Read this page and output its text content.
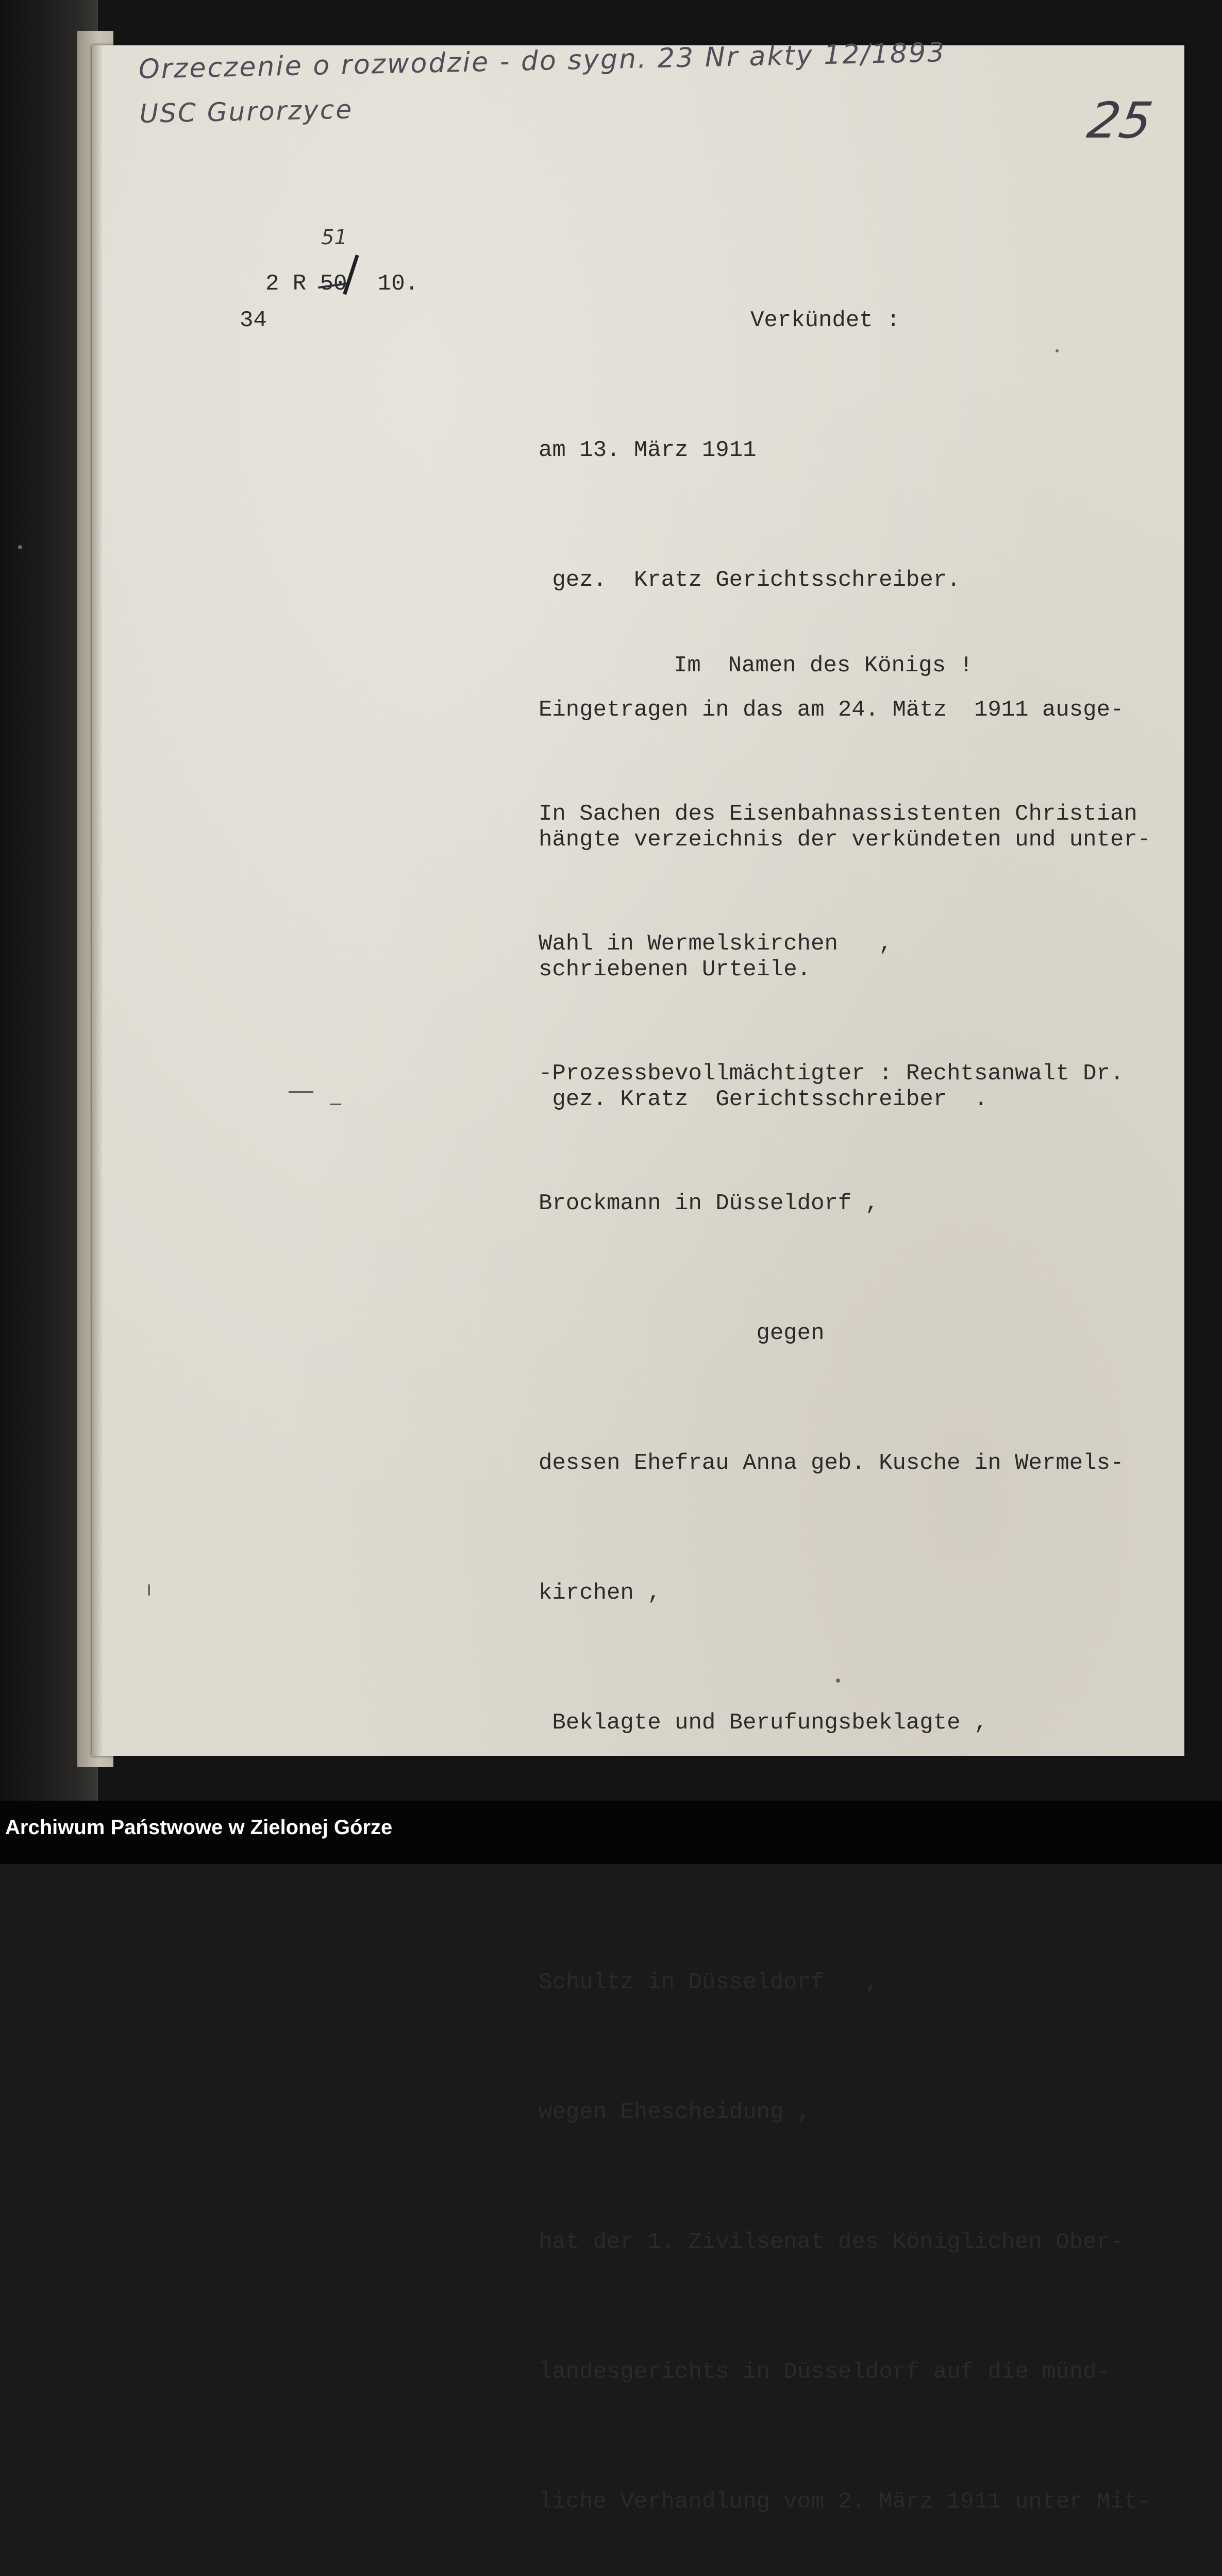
Orzeczenie o rozwodzie - do sygn. 23 Nr akty 12/1893
USC Gurorzyce	25
2 R 50 10.
51
34	Verkündet :

am 13. März 1911

gez.  Kratz Gerichtsschreiber.

Eingetragen in das am 24. Mätz  1911 ausge-

hängte verzeichnis der verkündeten und unter-

schriebenen Urteile.

gez. Kratz  Gerichtsschreiber  .

Im  Namen des Königs !

In Sachen des Eisenbahnassistenten Christian

Wahl in Wermelskirchen   ,

-Prozessbevollmächtigter : Rechtsanwalt Dr.

Brockmann in Düsseldorf ,

gegen

dessen Ehefrau Anna geb. Kusche in Wermels-

kirchen ,

Beklagte und Berufungsbeklagte ,

Schultz in Düsseldorf   ,

wegen Ehescheidung ,

hat der 1. Zivilsenat des Königlichen Ober-

landesgerichts in Düsseldorf auf die münd-

liche Verhandlung vom 2. März 1911 unter Mit-

Archiwum Państwowe w Zielonej Górze
